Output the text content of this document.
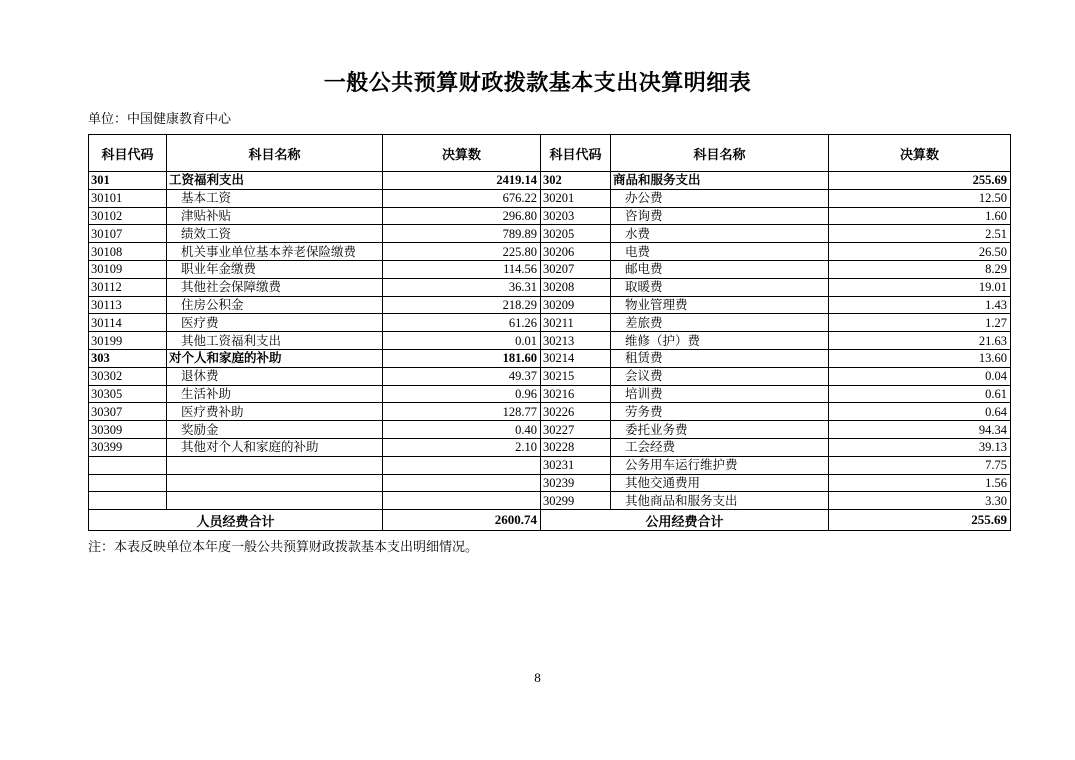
一般公共预算财政拨款基本支出决算明细表
单位：中国健康教育中心
科目代码	科目名称	决算数	科目代码	科目名称	决算数
301	工资福利支出	2419.14	302	商品和服务支出	255.69
30101	基本工资	676.22	30201	办公费	12.50
30102	津贴补贴	296.80	30203	咨询费	1.60
30107	绩效工资	789.89	30205	水费	2.51
30108	机关事业单位基本养老保险缴费	225.80	30206	电费	26.50
30109	职业年金缴费	114.56	30207	邮电费	8.29
30112	其他社会保障缴费	36.31	30208	取暖费	19.01
30113	住房公积金	218.29	30209	物业管理费	1.43
30114	医疗费	61.26	30211	差旅费	1.27
30199	其他工资福利支出	0.01	30213	维修（护）费	21.63
303	对个人和家庭的补助	181.60	30214	租赁费	13.60
30302	退休费	49.37	30215	会议费	0.04
30305	生活补助	0.96	30216	培训费	0.61
30307	医疗费补助	128.77	30226	劳务费	0.64
30309	奖励金	0.40	30227	委托业务费	94.34
30399	其他对个人和家庭的补助	2.10	30228	工会经费	39.13
			30231	公务用车运行维护费	7.75
			30239	其他交通费用	1.56
			30299	其他商品和服务支出	3.30
人员经费合计		2600.74	公用经费合计		255.69
注：本表反映单位本年度一般公共预算财政拨款基本支出明细情况。
8
